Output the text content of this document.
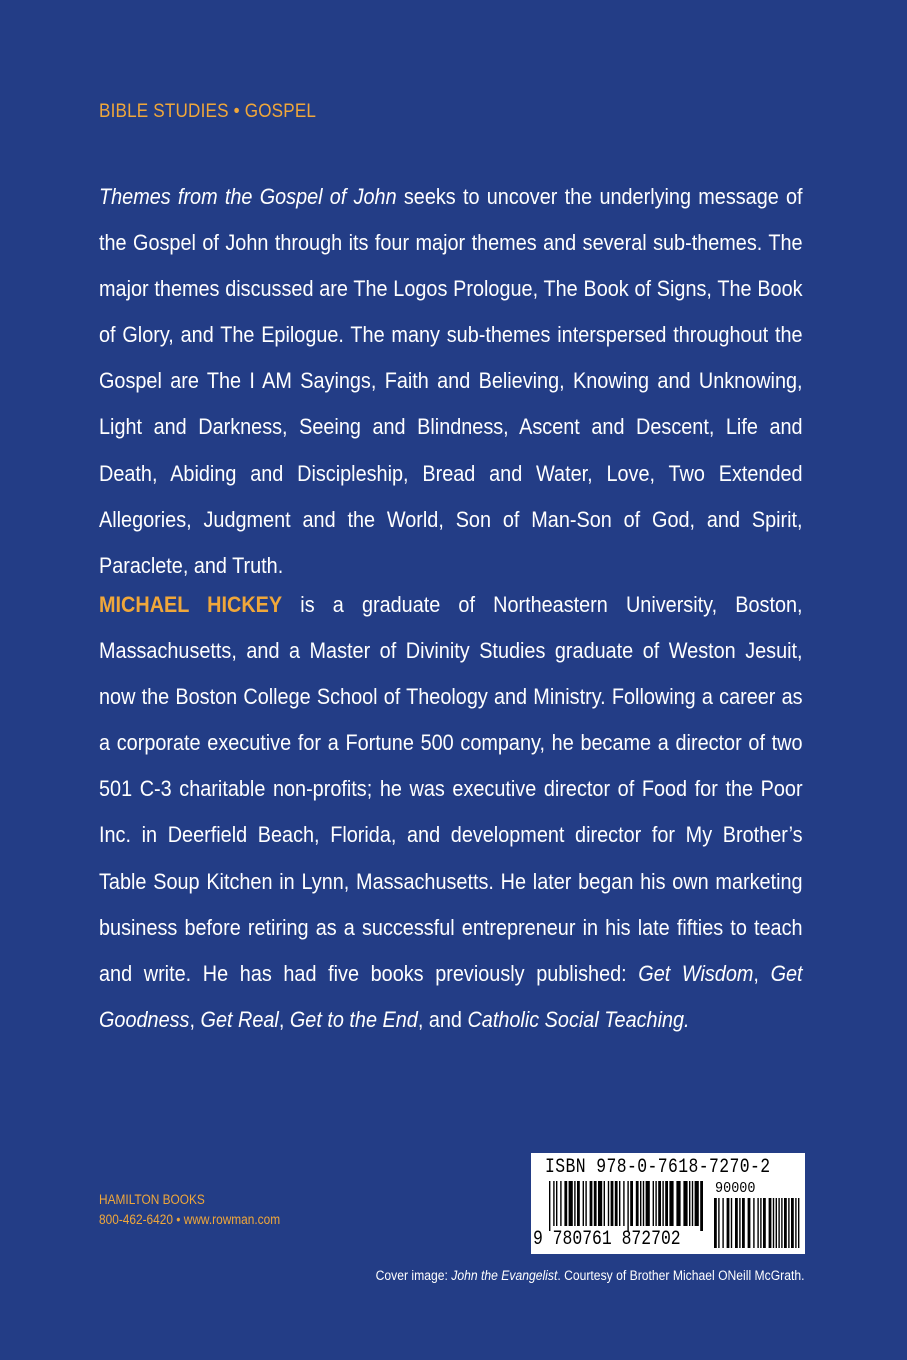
BIBLE STUDIES • GOSPEL

Themes from the Gospel of John seeks to uncover the underlying message of the Gospel of John through its four major themes and several sub-themes. The major themes discussed are The Logos Prologue, The Book of Signs, The Book of Glory, and The Epilogue. The many sub-themes interspersed throughout the Gospel are The I AM Sayings, Faith and Believing, Knowing and Unknowing, Light and Darkness, Seeing and Blindness, Ascent and Descent, Life and Death, Abiding and Discipleship, Bread and Water, Love, Two Extended Allegories, Judgment and the World, Son of Man-Son of God, and Spirit, Paraclete, and Truth.

MICHAEL HICKEY is a graduate of Northeastern University, Boston, Massachusetts, and a Master of Divinity Studies graduate of Weston Jesuit, now the Boston College School of Theology and Ministry. Following a career as a corporate executive for a Fortune 500 company, he became a director of two 501 C-3 charitable non-profits; he was executive director of Food for the Poor Inc. in Deerfield Beach, Florida, and development director for My Brother’s Table Soup Kitchen in Lynn, Massachusetts. He later began his own marketing business before retiring as a successful entrepreneur in his late fifties to teach and write. He has had five books previously published: Get Wisdom, Get Goodness, Get Real, Get to the End, and Catholic Social Teaching.

HAMILTON BOOKS
800-462-6420 • www.rowman.com
ISBN 978-0-7618-7270-2
90000
9 780761 872702
Cover image: John the Evangelist. Courtesy of Brother Michael ONeill McGrath.
